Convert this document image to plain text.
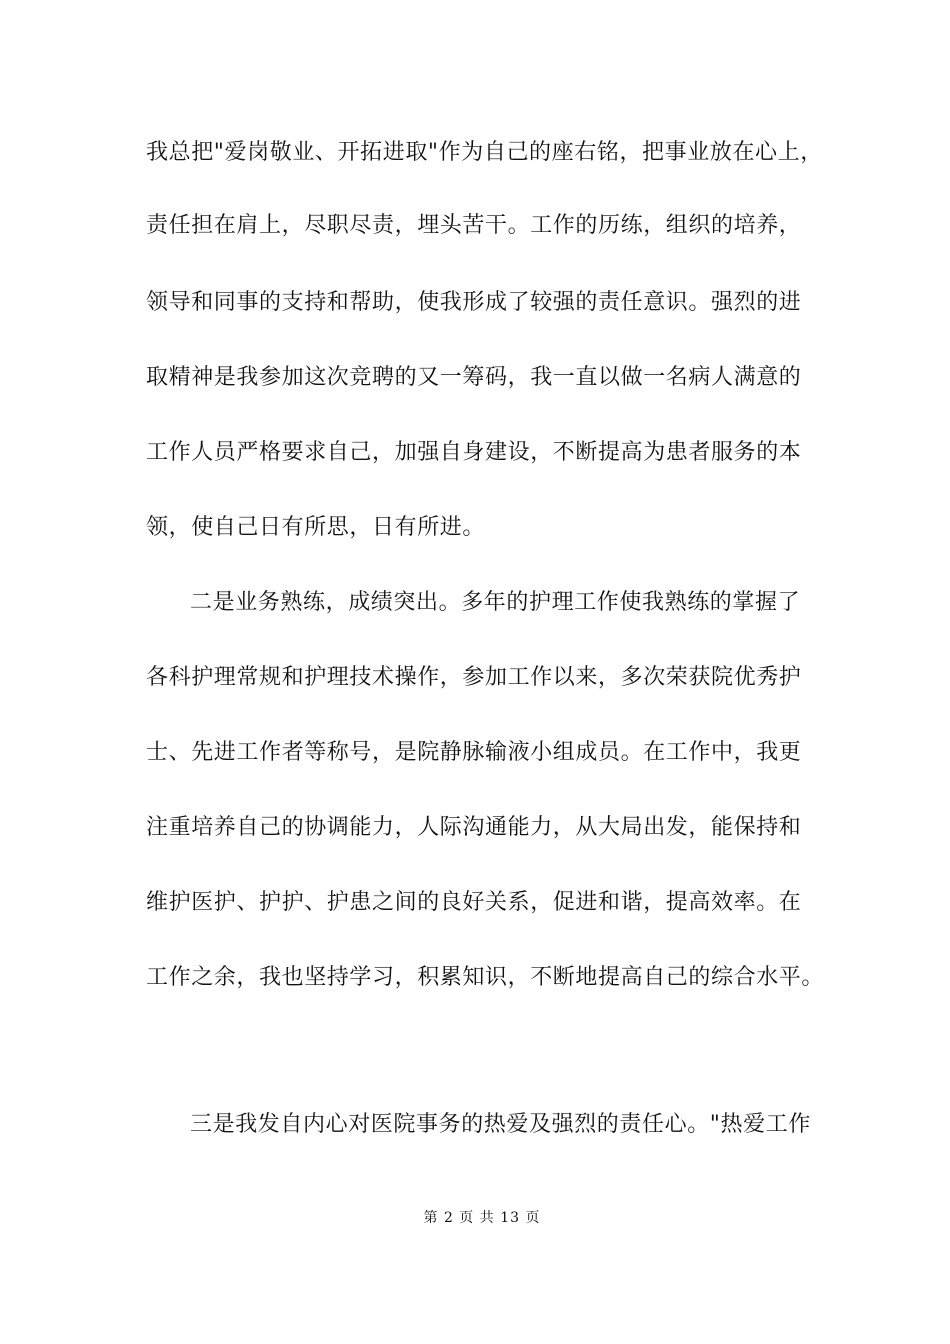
我总把"爱岗敬业、开拓进取"作为自己的座右铭，把事业放在心上，
责任担在肩上，尽职尽责，埋头苦干。工作的历练，组织的培养，
领导和同事的支持和帮助，使我形成了较强的责任意识。强烈的进
取精神是我参加这次竞聘的又一筹码，我一直以做一名病人满意的
工作人员严格要求自己，加强自身建设，不断提高为患者服务的本
领，使自己日有所思，日有所进。
二是业务熟练，成绩突出。多年的护理工作使我熟练的掌握了
各科护理常规和护理技术操作，参加工作以来，多次荣获院优秀护
士、先进工作者等称号，是院静脉输液小组成员。在工作中，我更
注重培养自己的协调能力，人际沟通能力，从大局出发，能保持和
维护医护、护护、护患之间的良好关系，促进和谐，提高效率。在
工作之余，我也坚持学习，积累知识，不断地提高自己的综合水平。
三是我发自内心对医院事务的热爱及强烈的责任心。"热爱工作
第 2 页 共 13 页
